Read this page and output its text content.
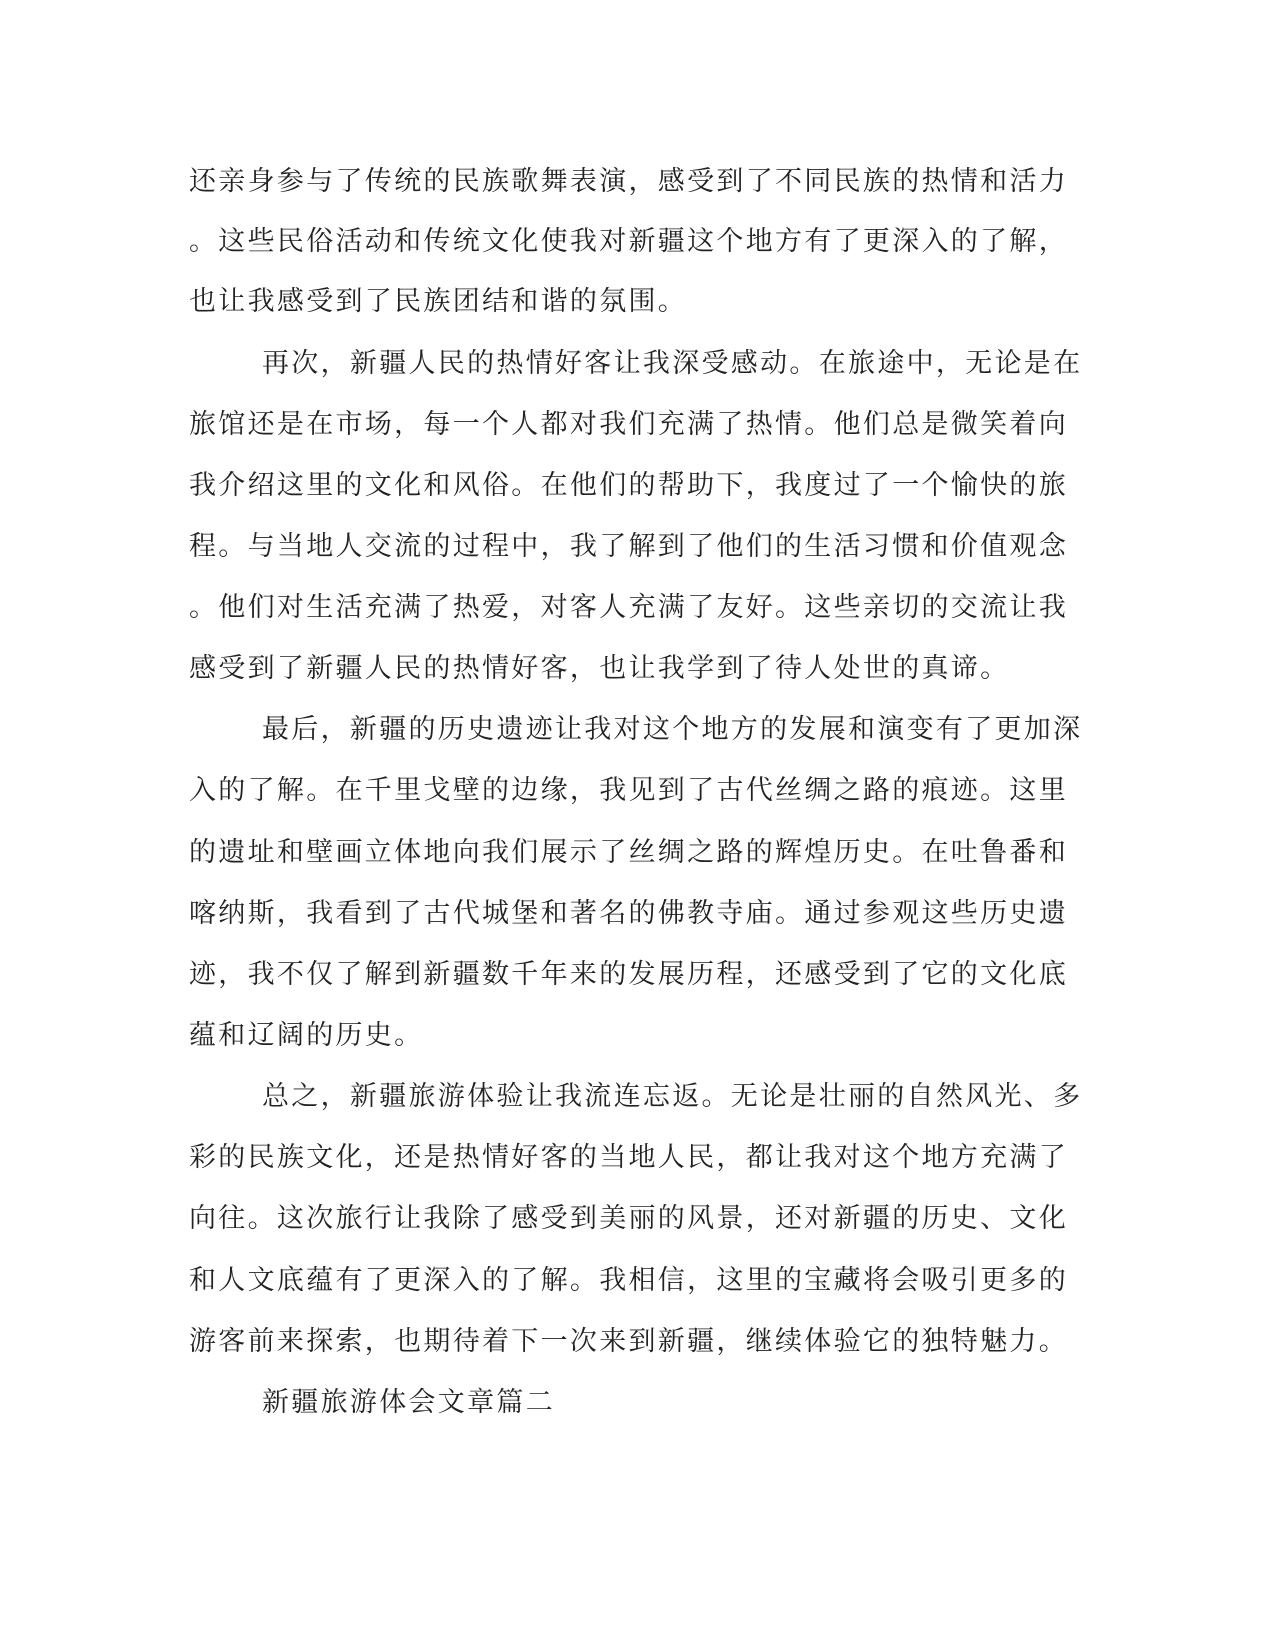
还亲身参与了传统的民族歌舞表演，感受到了不同民族的热情和活力
。这些民俗活动和传统文化使我对新疆这个地方有了更深入的了解，
也让我感受到了民族团结和谐的氛围。
再次，新疆人民的热情好客让我深受感动。在旅途中，无论是在
旅馆还是在市场，每一个人都对我们充满了热情。他们总是微笑着向
我介绍这里的文化和风俗。在他们的帮助下，我度过了一个愉快的旅
程。与当地人交流的过程中，我了解到了他们的生活习惯和价值观念
。他们对生活充满了热爱，对客人充满了友好。这些亲切的交流让我
感受到了新疆人民的热情好客，也让我学到了待人处世的真谛。
最后，新疆的历史遗迹让我对这个地方的发展和演变有了更加深
入的了解。在千里戈壁的边缘，我见到了古代丝绸之路的痕迹。这里
的遗址和壁画立体地向我们展示了丝绸之路的辉煌历史。在吐鲁番和
喀纳斯，我看到了古代城堡和著名的佛教寺庙。通过参观这些历史遗
迹，我不仅了解到新疆数千年来的发展历程，还感受到了它的文化底
蕴和辽阔的历史。
总之，新疆旅游体验让我流连忘返。无论是壮丽的自然风光、多
彩的民族文化，还是热情好客的当地人民，都让我对这个地方充满了
向往。这次旅行让我除了感受到美丽的风景，还对新疆的历史、文化
和人文底蕴有了更深入的了解。我相信，这里的宝藏将会吸引更多的
游客前来探索，也期待着下一次来到新疆，继续体验它的独特魅力。
新疆旅游体会文章篇二
